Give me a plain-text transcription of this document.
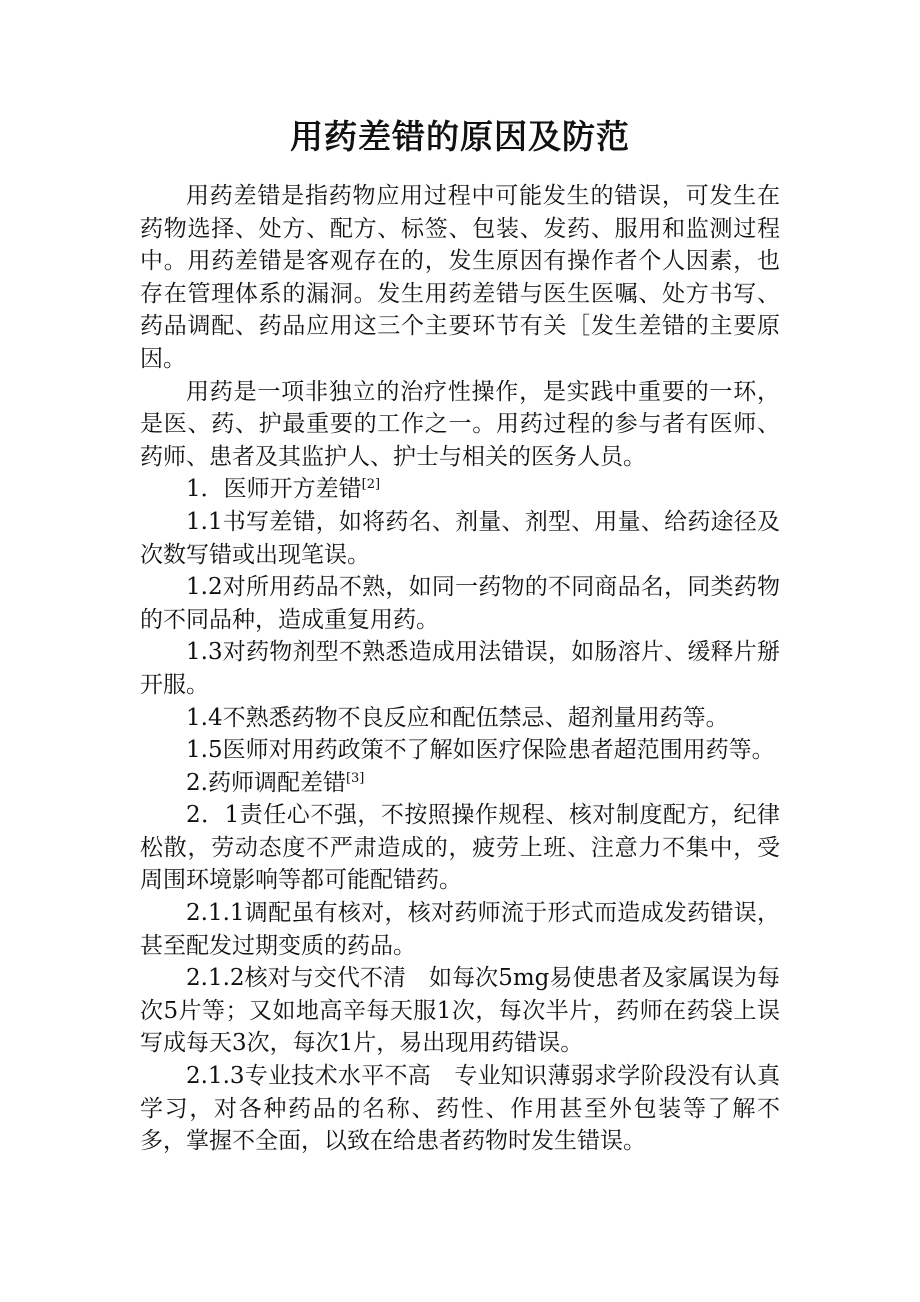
用药差错的原因及防范

用药差错是指药物应用过程中可能发生的错误，可发生在药物选择、处方、配方、标签、包装、发药、服用和监测过程中。用药差错是客观存在的，发生原因有操作者个人因素，也存在管理体系的漏洞。发生用药差错与医生医嘱、处方书写、药品调配、药品应用这三个主要环节有关［发生差错的主要原因。

用药是一项非独立的治疗性操作，是实践中重要的一环，是医、药、护最重要的工作之一。用药过程的参与者有医师、药师、患者及其监护人、护士与相关的医务人员。

1．医师开方差错[2]

1.1书写差错，如将药名、剂量、剂型、用量、给药途径及次数写错或出现笔误。

1.2对所用药品不熟，如同一药物的不同商品名，同类药物的不同品种，造成重复用药。

1.3对药物剂型不熟悉造成用法错误，如肠溶片、缓释片掰开服。

1.4不熟悉药物不良反应和配伍禁忌、超剂量用药等。

1.5医师对用药政策不了解如医疗保险患者超范围用药等。

2.药师调配差错[3]

2．1责任心不强，不按照操作规程、核对制度配方，纪律松散，劳动态度不严肃造成的，疲劳上班、注意力不集中，受周围环境影响等都可能配错药。

2.1.1调配虽有核对，核对药师流于形式而造成发药错误，甚至配发过期变质的药品。

2.1.2核对与交代不清　如每次5mg易使患者及家属误为每次5片等；又如地高辛每天服1次，每次半片，药师在药袋上误写成每天3次，每次1片，易出现用药错误。

2.1.3专业技术水平不高　专业知识薄弱求学阶段没有认真学习，对各种药品的名称、药性、作用甚至外包装等了解不多，掌握不全面，以致在给患者药物时发生错误。
